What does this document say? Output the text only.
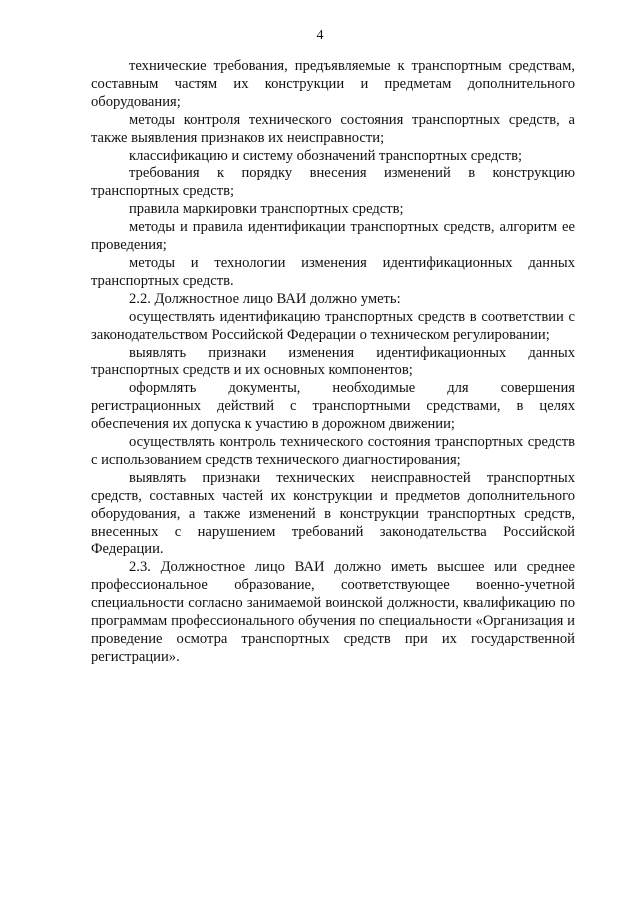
4

технические требования, предъявляемые к транспортным средствам, составным частям их конструкции и предметам дополнительного оборудования;

методы контроля технического состояния транспортных средств, а также выявления признаков их неисправности;

классификацию и систему обозначений транспортных средств;

требования к порядку внесения изменений в конструкцию транспортных средств;

правила маркировки транспортных средств;

методы и правила идентификации транспортных средств, алгоритм ее проведения;

методы и технологии изменения идентификационных данных транспортных средств.

2.2. Должностное лицо ВАИ должно уметь:

осуществлять идентификацию транспортных средств в соответствии с законодательством Российской Федерации о техническом регулировании;

выявлять признаки изменения идентификационных данных транспортных средств и их основных компонентов;

оформлять документы, необходимые для совершения регистрационных действий с транспортными средствами, в целях обеспечения их допуска к участию в дорожном движении;

осуществлять контроль технического состояния транспортных средств с использованием средств технического диагностирования;

выявлять признаки технических неисправностей транспортных средств, составных частей их конструкции и предметов дополнительного оборудования, а также изменений в конструкции транспортных средств, внесенных с нарушением требований законодательства Российской Федерации.

2.3. Должностное лицо ВАИ должно иметь высшее или среднее профессиональное образование, соответствующее военно-учетной специальности согласно занимаемой воинской должности, квалификацию по программам профессионального обучения по специальности «Организация и проведение осмотра транспортных средств при их государственной регистрации».
